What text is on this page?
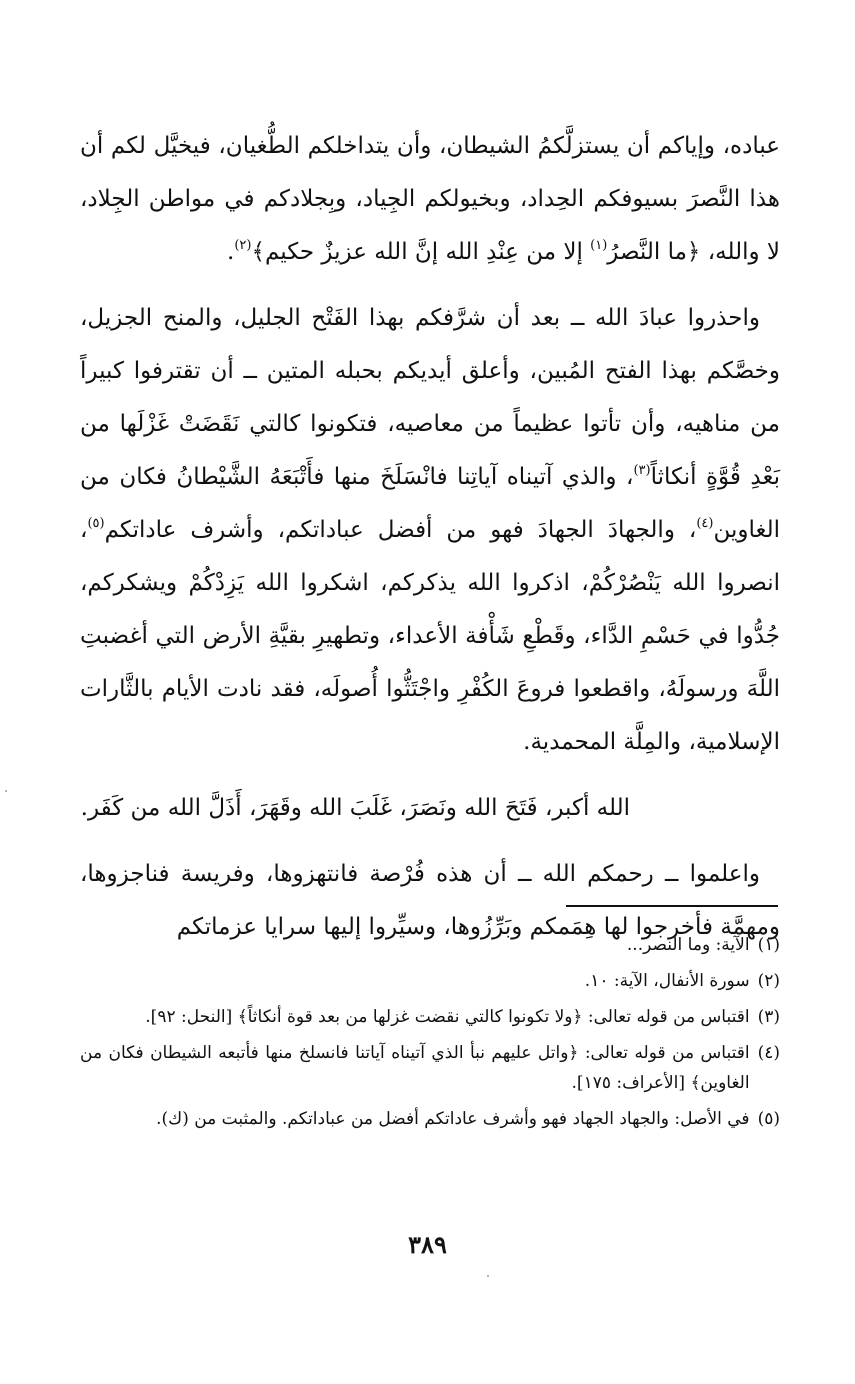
عباده، وإياكم أن يستزلَّكمُ الشيطان، وأن يتداخلكم الطُّغيان، فيخيَّل لكم أن هذا النَّصرَ بسيوفكم الحِداد، وبخيولكم الجِياد، وبِجلادكم في مواطن الجِلاد، لا والله، ﴿ما النَّصرُ$^{(١)}$ إلا من عِنْدِ الله إنَّ الله عزيزٌ حكيم﴾$^{(٢)}$.

واحذروا عبادَ الله ــ بعد أن شرَّفكم بهذا الفَتْح الجليل، والمنح الجزيل، وخصَّكم بهذا الفتح المُبين، وأعلق أيديكم بحبله المتين ــ أن تقترفوا كبيراً من مناهيه، وأن تأتوا عظيماً من معاصيه، فتكونوا كالتي نَقَضَتْ غَزْلَها من بَعْدِ قُوَّةٍ أنكاثاً$^{(٣)}$، والذي آتيناه آياتِنا فانْسَلَخَ منها فأَتْبَعَهُ الشَّيْطانُ فكان من الغاوين$^{(٤)}$، والجهادَ الجهادَ فهو من أفضل عباداتكم، وأشرف عاداتكم$^{(٥)}$، انصروا الله يَنْصُرْكُمْ، اذكروا الله يذكركم، اشكروا الله يَزِدْكُمْ ويشكركم، جُدُّوا في حَسْمِ الدَّاء، وقَطْعِ شَأْفة الأعداء، وتطهيرِ بقيَّةِ الأرض التي أغضبتِ اللَّهَ ورسولَهُ، واقطعوا فروعَ الكُفْرِ واجْتَثُّوا أُصولَه، فقد نادت الأيام بالثَّارات الإسلامية، والمِلَّة المحمدية.

الله أكبر، فَتَحَ الله ونَصَرَ، غَلَبَ الله وقَهَرَ، أَذَلَّ الله من كَفَر.

واعلموا ــ رحمكم الله ــ أن هذه فُرْصة فانتهزوها، وفريسة فناجزوها، ومهمَّة فأخرجوا لها هِمَمكم وبَرِّزُوها، وسيِّروا إليها سرايا عزماتكم

(١)
الآية: وما النصر...
(٢)
سورة الأنفال، الآية: ١٠.
(٣)
اقتباس من قوله تعالى: ﴿ولا تكونوا كالتي نقضت غزلها من بعد قوة أنكاثاً﴾ [النحل: ٩٢].
(٤)
اقتباس من قوله تعالى: ﴿واتل عليهم نبأ الذي آتيناه آياتنا فانسلخ منها فأتبعه الشيطان فكان من الغاوين﴾ [الأعراف: ١٧٥].
(٥)
في الأصل: والجهاد الجهاد فهو وأشرف عاداتكم أفضل من عباداتكم. والمثبت من (ك).
٣٨٩
